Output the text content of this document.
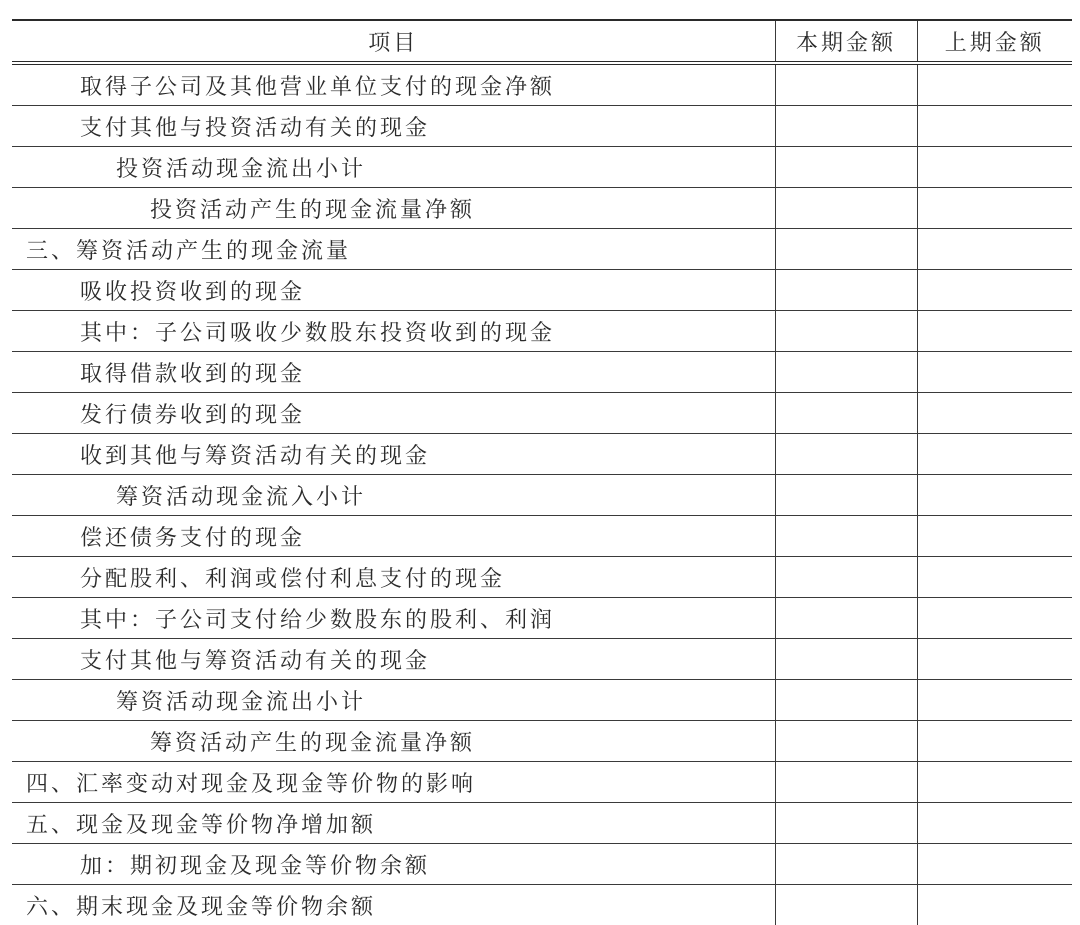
项目	本期金额	上期金额
取得子公司及其他营业单位支付的现金净额		
支付其他与投资活动有关的现金		
投资活动现金流出小计		
投资活动产生的现金流量净额		
三、筹资活动产生的现金流量		
吸收投资收到的现金		
其中：子公司吸收少数股东投资收到的现金		
取得借款收到的现金		
发行债券收到的现金		
收到其他与筹资活动有关的现金		
筹资活动现金流入小计		
偿还债务支付的现金		
分配股利、利润或偿付利息支付的现金		
其中：子公司支付给少数股东的股利、利润		
支付其他与筹资活动有关的现金		
筹资活动现金流出小计		
筹资活动产生的现金流量净额		
四、汇率变动对现金及现金等价物的影响		
五、现金及现金等价物净增加额		
加：期初现金及现金等价物余额		
六、期末现金及现金等价物余额		
